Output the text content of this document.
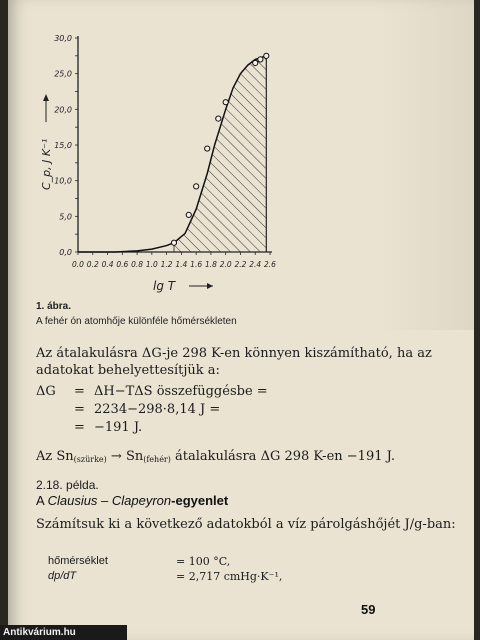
0.0 0.2 0.4 0.6 0.8 1.0 1.2 1.4 1.6 1.8 2.0 2.2 2.4 2.6
0,0
5,0
10,0
15,0
20,0
25,0
30,0
lg T
C_p, J K⁻¹
1. ábra.
A fehér ón atomhője különféle hőmérsékleten
Az átalakulásra ΔG-je 298 K-en könnyen kiszámítható, ha az adatokat behelyettesítjük a:
ΔG	= ΔH−TΔS összefüggésbe =
= 2234−298·8,14 J =
= −191 J.
Az $Sn_{(szürke)} \to Sn_{(fehér)}$ átalakulásra ΔG 298 K-en −191 J.
2.18. példa.
A Clausius – Clapeyron-egyenlet
Számítsuk ki a következő adatokból a víz párolgáshőjét J/g-ban:
hőmérséklet	= 100 °C,
dp/dT	= 2,717 cmHg·K⁻¹,
59
Antikvárium.hu
